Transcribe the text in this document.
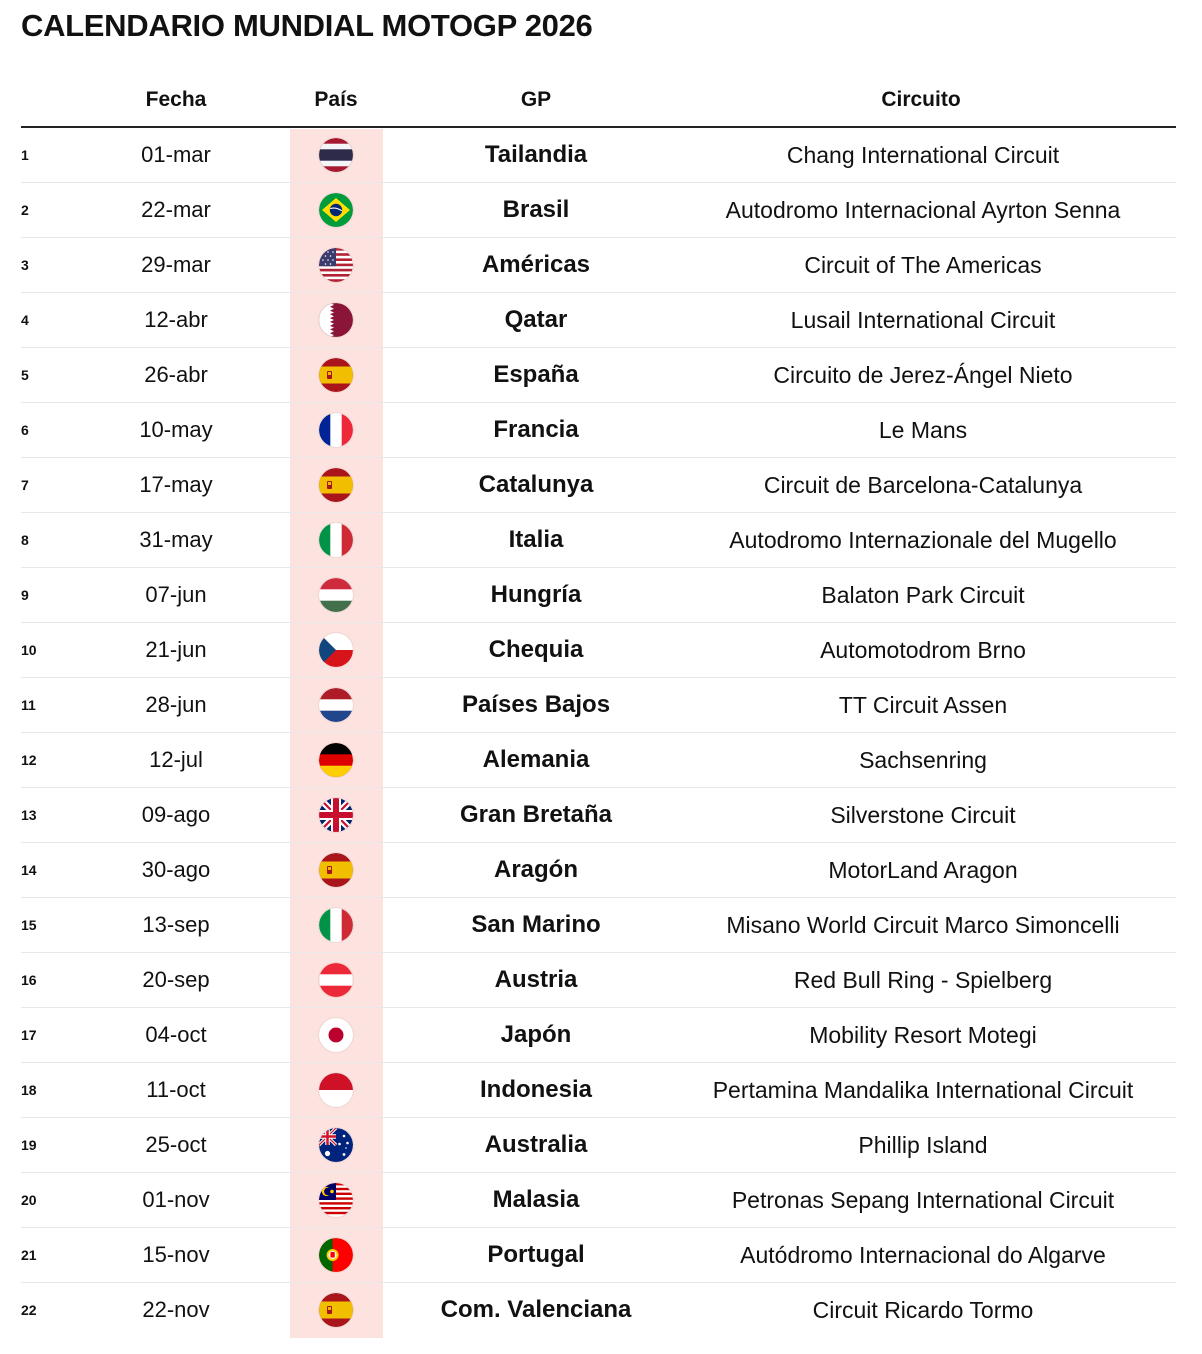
CALENDARIO MUNDIAL MOTOGP 2026
	Fecha	País	GP	Circuito
1	01-mar		Tailandia	Chang International Circuit
2	22-mar		Brasil	Autodromo Internacional Ayrton Senna
3	29-mar		Américas	Circuit of The Americas
4	12-abr		Qatar	Lusail International Circuit
5	26-abr		España	Circuito de Jerez-Ángel Nieto
6	10-may		Francia	Le Mans
7	17-may		Catalunya	Circuit de Barcelona-Catalunya
8	31-may		Italia	Autodromo Internazionale del Mugello
9	07-jun		Hungría	Balaton Park Circuit
10	21-jun		Chequia	Automotodrom Brno
11	28-jun		Países Bajos	TT Circuit Assen
12	12-jul		Alemania	Sachsenring
13	09-ago		Gran Bretaña	Silverstone Circuit
14	30-ago		Aragón	MotorLand Aragon
15	13-sep		San Marino	Misano World Circuit Marco Simoncelli
16	20-sep		Austria	Red Bull Ring - Spielberg
17	04-oct		Japón	Mobility Resort Motegi
18	11-oct		Indonesia	Pertamina Mandalika International Circuit
19	25-oct		Australia	Phillip Island
20	01-nov		Malasia	Petronas Sepang International Circuit
21	15-nov		Portugal	Autódromo Internacional do Algarve
22	22-nov		Com. Valenciana	Circuit Ricardo Tormo
